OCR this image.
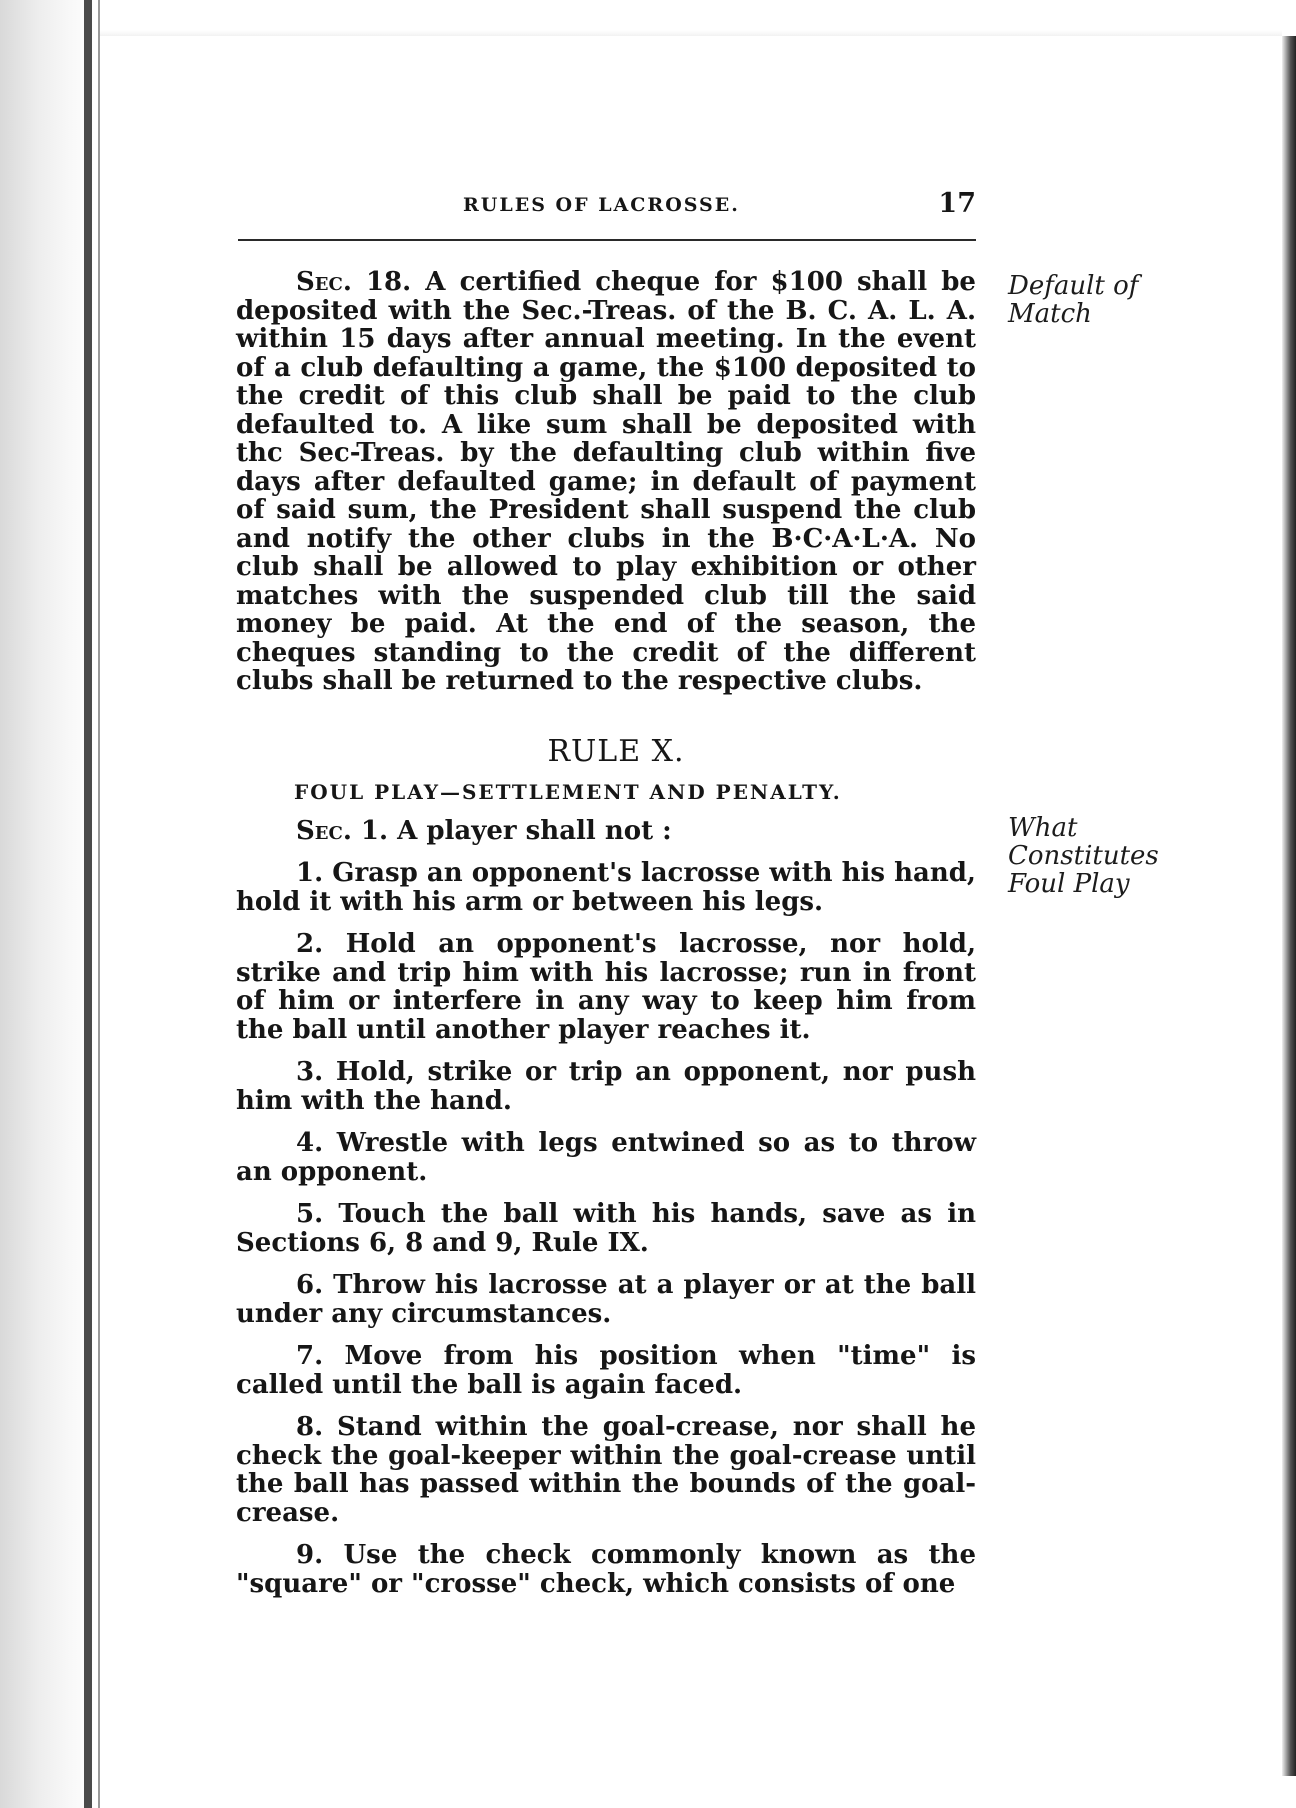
RULES OF LACROSSE.	17

Sec. 18. A certified cheque for $100 shall be deposited with the Sec.-Treas. of the B. C. A. L. A. within 15 days after annual meeting. In the event of a club defaulting a game, the $100 deposited to the credit of this club shall be paid to the club defaulted to. A like sum shall be deposited with thc Sec-Treas. by the defaulting club within five days after defaulted game; in default of payment of said sum, the President shall suspend the club and notify the other clubs in the B·C·A·L·A. No club shall be allowed to play exhibition or other matches with the suspended club till the said money be paid. At the end of the season, the cheques standing to the credit of the different clubs shall be returned to the respective clubs.

RULE X.

FOUL PLAY—SETTLEMENT AND PENALTY.

Sec. 1. A player shall not :

1. Grasp an opponent's lacrosse with his hand, hold it with his arm or between his legs.

2. Hold an opponent's lacrosse, nor hold, strike and trip him with his lacrosse; run in front of him or interfere in any way to keep him from the ball until another player reaches it.

3. Hold, strike or trip an opponent, nor push him with the hand.

4. Wrestle with legs entwined so as to throw an opponent.

5. Touch the ball with his hands, save as in Sections 6, 8 and 9, Rule IX.

6. Throw his lacrosse at a player or at the ball under any circumstances.

7. Move from his position when "time" is called until the ball is again faced.

8. Stand within the goal-crease, nor shall he check the goal-keeper within the goal-crease until the ball has passed within the bounds of the goal-crease.

9. Use the check commonly known as the "square" or "crosse" check, which consists of one

Default of Match
What Constitutes Foul Play
